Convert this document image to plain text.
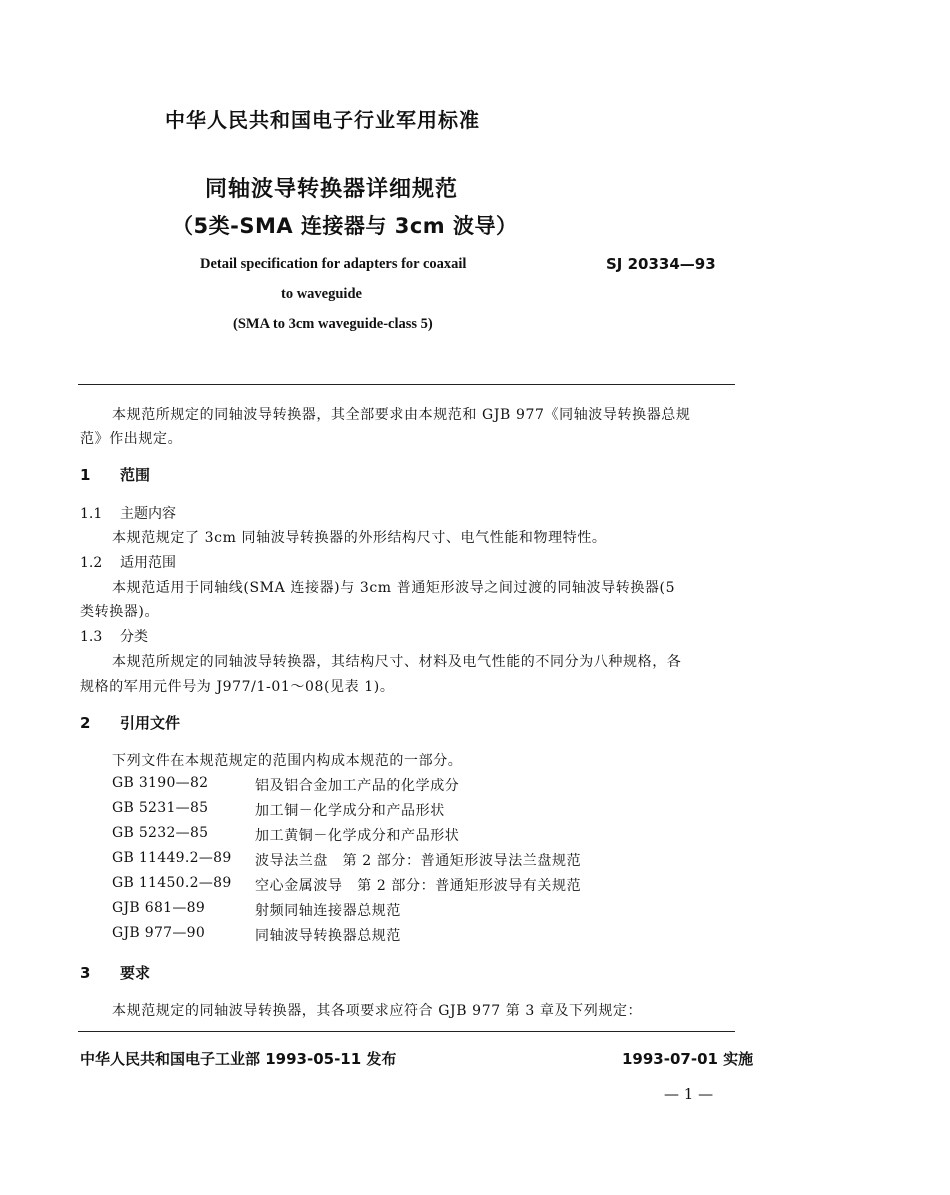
中华人民共和国电子行业军用标准
同轴波导转换器详细规范
（5类-SMA 连接器与 3cm 波导）
Detail specification for adapters for coaxail
to waveguide
(SMA to 3cm waveguide-class 5)
SJ 20334—93
本规范所规定的同轴波导转换器，其全部要求由本规范和 GJB 977《同轴波导转换器总规
范》作出规定。
1 范围
1.1 主题内容
本规范规定了 3cm 同轴波导转换器的外形结构尺寸、电气性能和物理特性。
1.2 适用范围
本规范适用于同轴线(SMA 连接器)与 3cm 普通矩形波导之间过渡的同轴波导转换器(5
类转换器)。
1.3 分类
本规范所规定的同轴波导转换器，其结构尺寸、材料及电气性能的不同分为八种规格，各
规格的军用元件号为 J977/1-01～08(见表 1)。
2 引用文件
下列文件在本规范规定的范围内构成本规范的一部分。
GB 3190—82	铝及铝合金加工产品的化学成分
GB 5231—85	加工铜－化学成分和产品形状
GB 5232—85	加工黄铜－化学成分和产品形状
GB 11449.2—89 波导法兰盘　第 2 部分：普通矩形波导法兰盘规范
GB 11450.2—89 空心金属波导　第 2 部分：普通矩形波导有关规范
GJB 681—89	射频同轴连接器总规范
GJB 977—90	同轴波导转换器总规范
3 要求
本规范规定的同轴波导转换器，其各项要求应符合 GJB 977 第 3 章及下列规定：
中华人民共和国电子工业部 1993-05-11 发布	1993-07-01 实施
— 1 —
